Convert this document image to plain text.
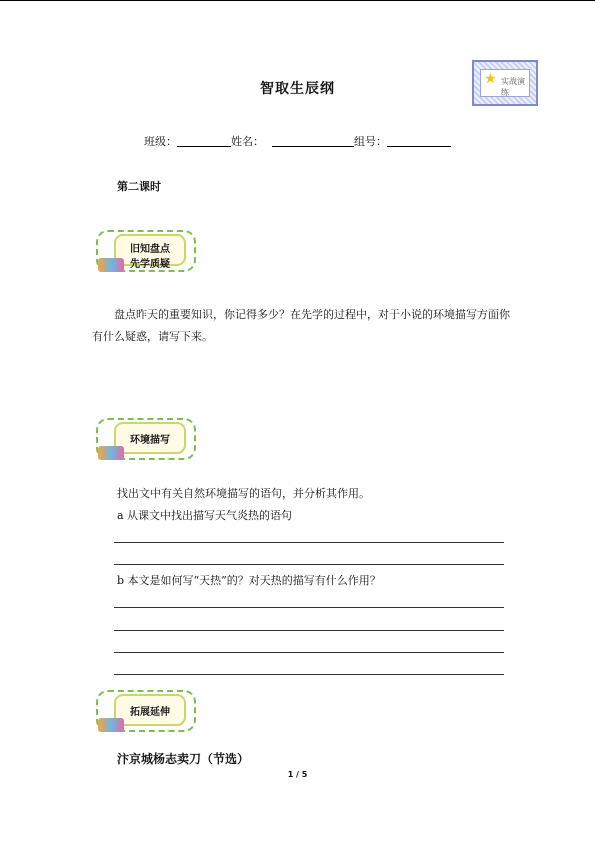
智取生辰纲
★ 实战演练
班级：	姓名：	组号：
第二课时
旧知盘点
先学质疑
盘点昨天的重要知识，你记得多少？在先学的过程中，对于小说的环境描写方面你有什么疑惑，请写下来。
环境描写
找出文中有关自然环境描写的语句，并分析其作用。
a 从课文中找出描写天气炎热的语句
b 本文是如何写“天热”的？对天热的描写有什么作用？
拓展延伸
汴京城杨志卖刀（节选）
1 / 5
